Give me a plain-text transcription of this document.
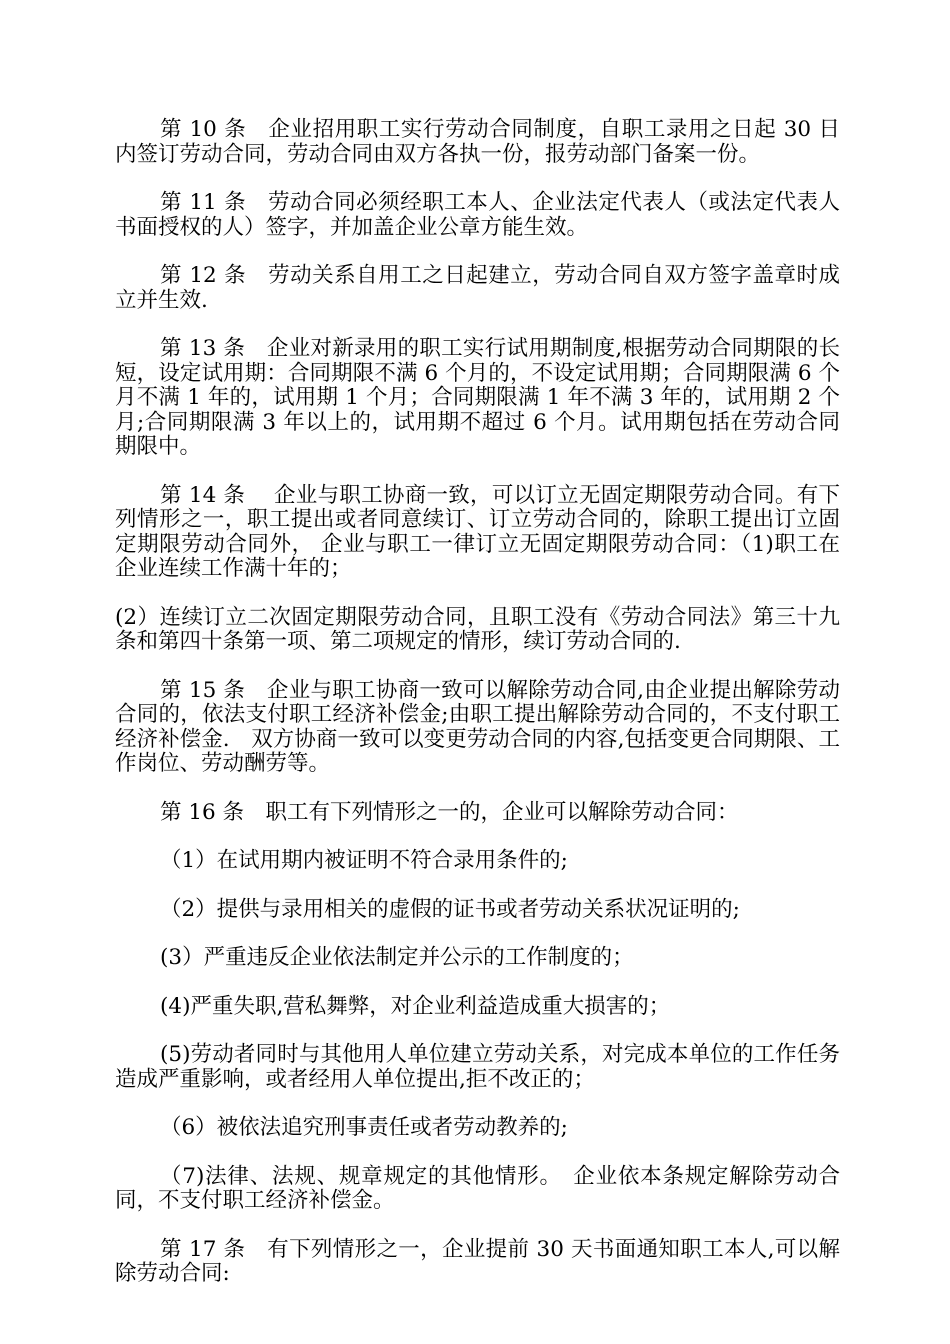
第 10 条　企业招用职工实行劳动合同制度，自职工录用之日起 30 日内签订劳动合同，劳动合同由双方各执一份，报劳动部门备案一份。

第 11 条　劳动合同必须经职工本人、企业法定代表人（或法定代表人书面授权的人）签字，并加盖企业公章方能生效。

第 12 条　劳动关系自用工之日起建立，劳动合同自双方签字盖章时成立并生效.

第 13 条　企业对新录用的职工实行试用期制度,根据劳动合同期限的长短，设定试用期：合同期限不满 6 个月的，不设定试用期；合同期限满 6 个月不满 1 年的，试用期 1 个月；合同期限满 1 年不满 3 年的，试用期 2 个月;合同期限满 3 年以上的，试用期不超过 6 个月。试用期包括在劳动合同期限中。

第 14 条　 企业与职工协商一致，可以订立无固定期限劳动合同。有下列情形之一，职工提出或者同意续订、订立劳动合同的，除职工提出订立固定期限劳动合同外， 企业与职工一律订立无固定期限劳动合同：（1)职工在企业连续工作满十年的；

(2）连续订立二次固定期限劳动合同，且职工没有《劳动合同法》第三十九条和第四十条第一项、第二项规定的情形，续订劳动合同的.

第 15 条　企业与职工协商一致可以解除劳动合同,由企业提出解除劳动合同的，依法支付职工经济补偿金;由职工提出解除劳动合同的，不支付职工经济补偿金.　双方协商一致可以变更劳动合同的内容,包括变更合同期限、工作岗位、劳动酬劳等。

第 16 条　职工有下列情形之一的，企业可以解除劳动合同：

（1）在试用期内被证明不符合录用条件的;

（2）提供与录用相关的虚假的证书或者劳动关系状况证明的;

(3）严重违反企业依法制定并公示的工作制度的；

(4)严重失职,营私舞弊，对企业利益造成重大损害的；

(5)劳动者同时与其他用人单位建立劳动关系，对完成本单位的工作任务造成严重影响，或者经用人单位提出,拒不改正的；

（6）被依法追究刑事责任或者劳动教养的;

（7)法律、法规、规章规定的其他情形。　企业依本条规定解除劳动合同，不支付职工经济补偿金。

第 17 条　有下列情形之一，企业提前 30 天书面通知职工本人,可以解除劳动合同:
